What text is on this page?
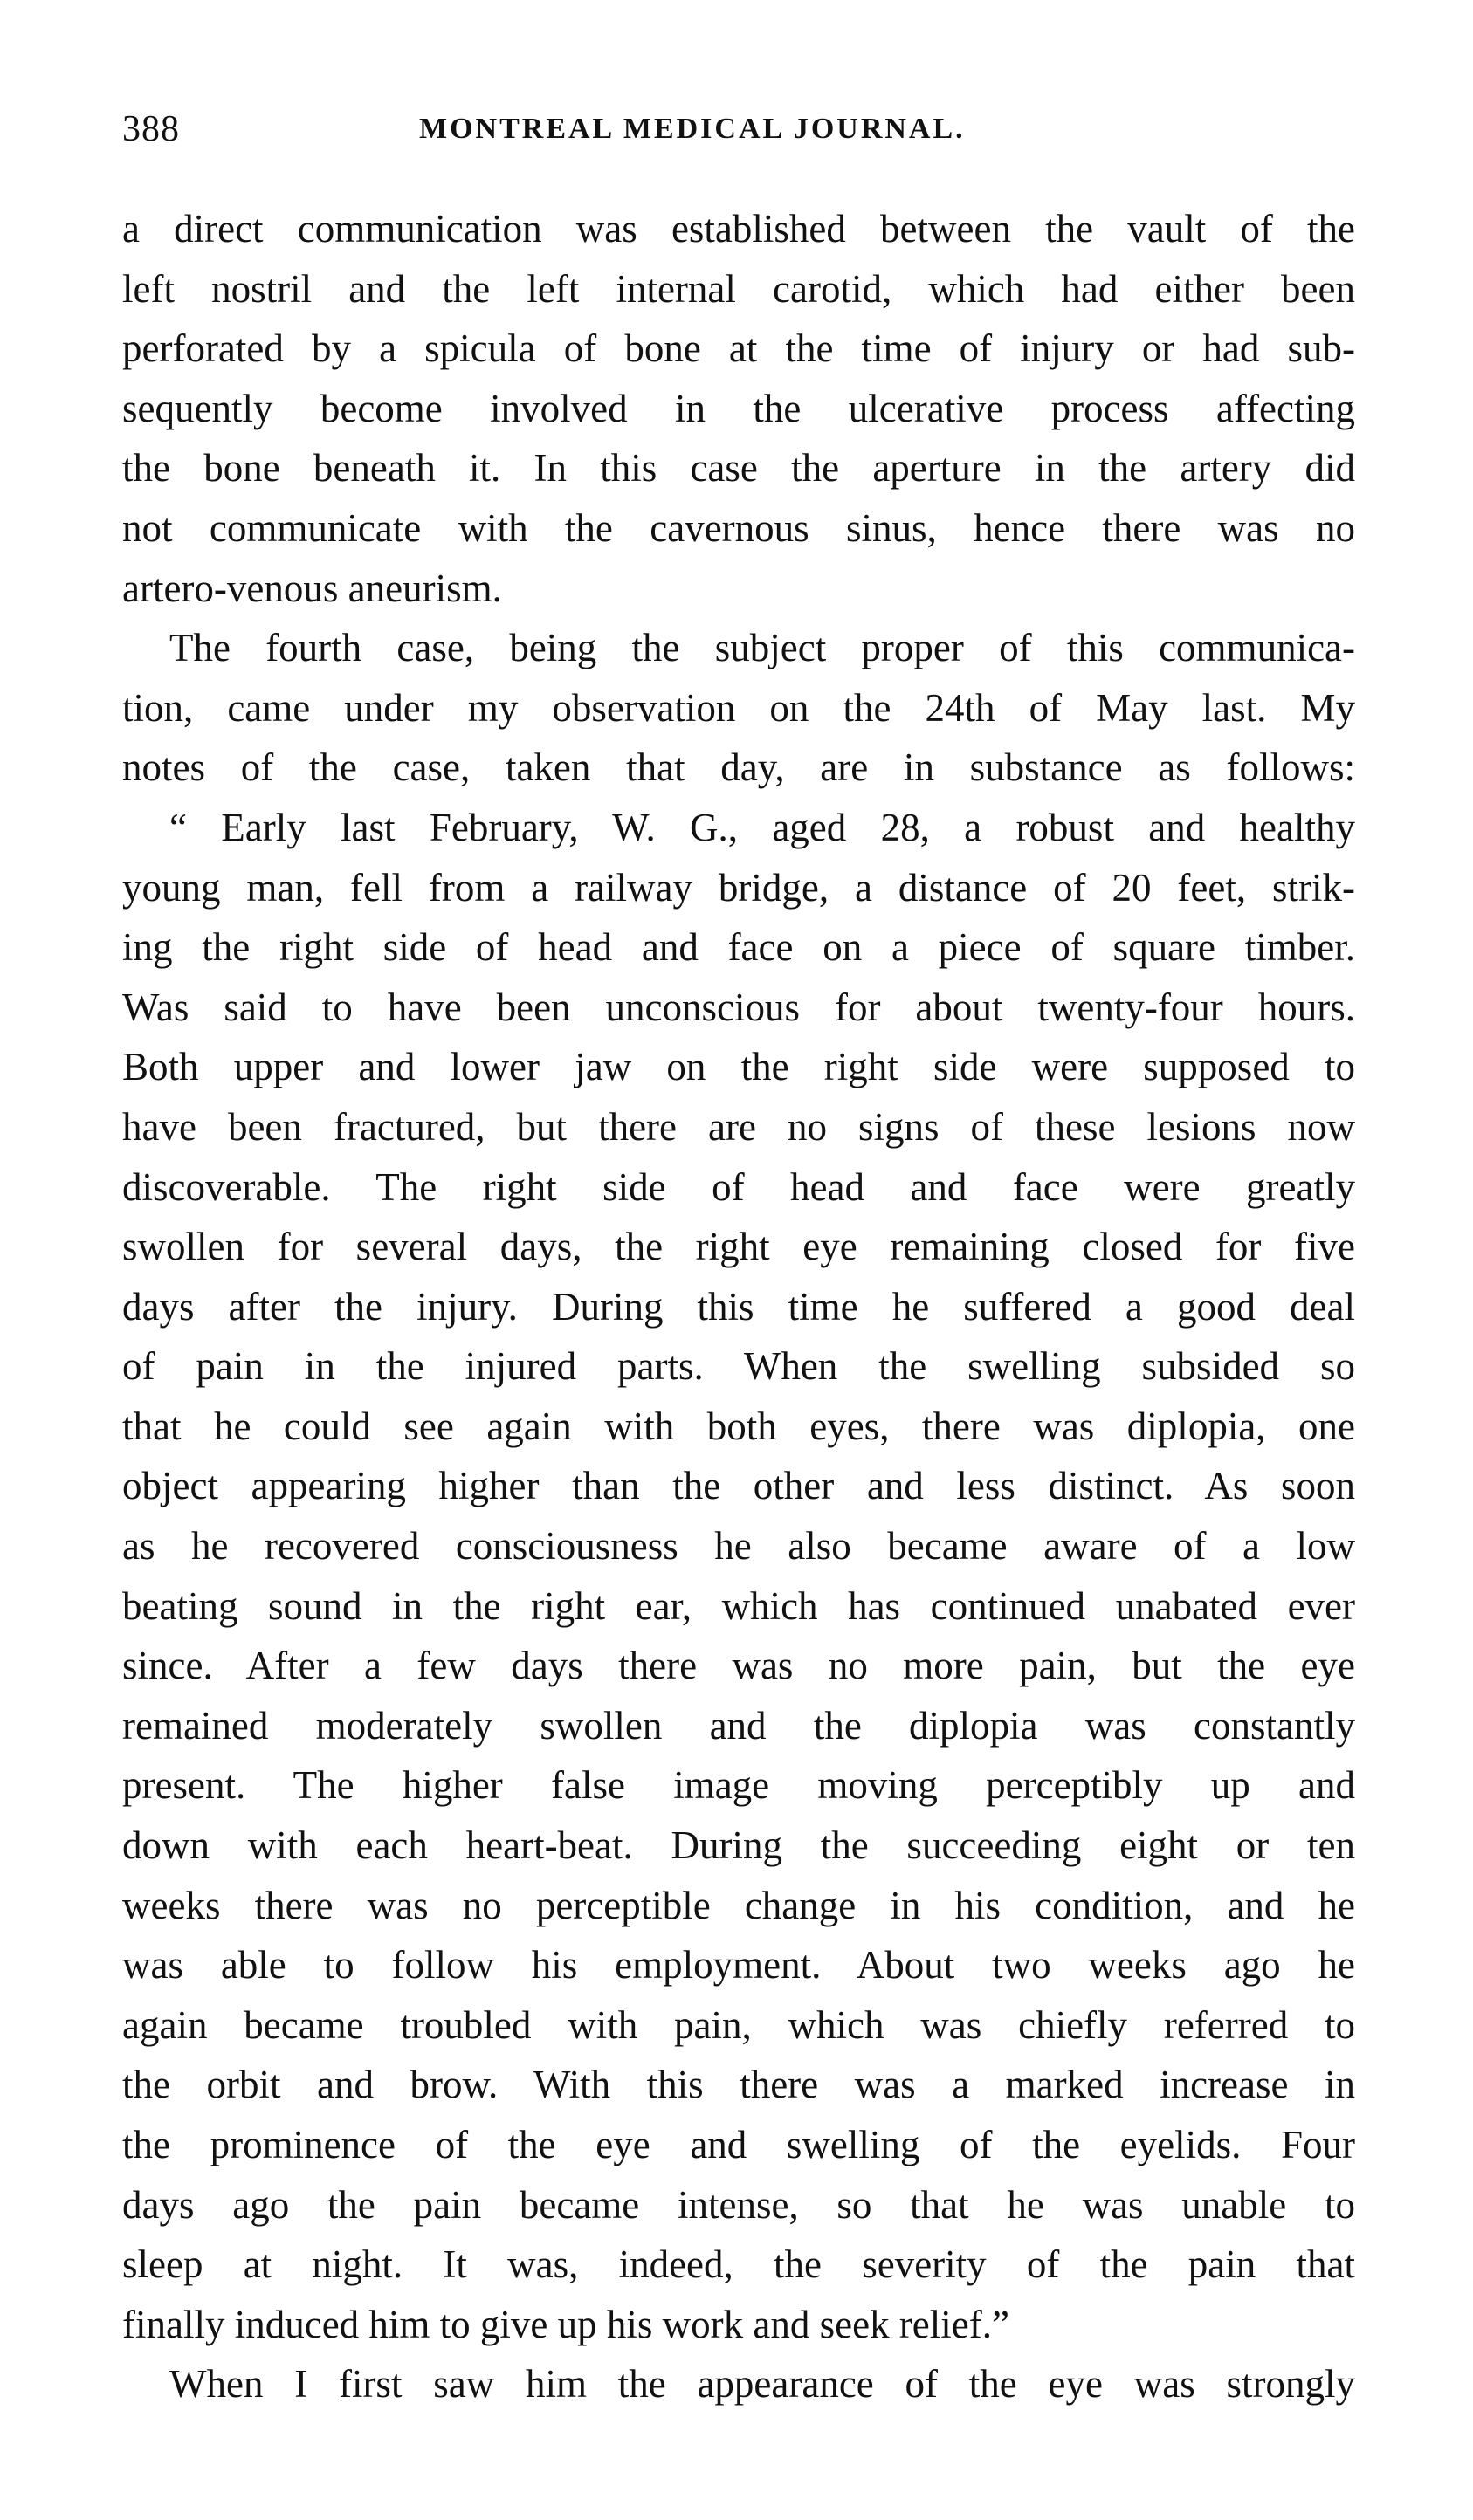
388	MONTREAL MEDICAL JOURNAL.
a direct communication was established between the vault of the
left nostril and the left internal carotid, which had either been
perforated by a spicula of bone at the time of injury or had sub-
sequently become involved in the ulcerative process affecting
the bone beneath it. In this case the aperture in the artery did
not communicate with the cavernous sinus, hence there was no
artero-venous aneurism.
The fourth case, being the subject proper of this communica-
tion, came under my observation on the 24th of May last. My
notes of the case, taken that day, are in substance as follows:
“ Early last February, W. G., aged 28, a robust and healthy
young man, fell from a railway bridge, a distance of 20 feet, strik-
ing the right side of head and face on a piece of square timber.
Was said to have been unconscious for about twenty-four hours.
Both upper and lower jaw on the right side were supposed to
have been fractured, but there are no signs of these lesions now
discoverable. The right side of head and face were greatly
swollen for several days, the right eye remaining closed for five
days after the injury. During this time he suffered a good deal
of pain in the injured parts. When the swelling subsided so
that he could see again with both eyes, there was diplopia, one
object appearing higher than the other and less distinct. As soon
as he recovered consciousness he also became aware of a low
beating sound in the right ear, which has continued unabated ever
since. After a few days there was no more pain, but the eye
remained moderately swollen and the diplopia was constantly
present. The higher false image moving perceptibly up and
down with each heart-beat. During the succeeding eight or ten
weeks there was no perceptible change in his condition, and he
was able to follow his employment. About two weeks ago he
again became troubled with pain, which was chiefly referred to
the orbit and brow. With this there was a marked increase in
the prominence of the eye and swelling of the eyelids. Four
days ago the pain became intense, so that he was unable to
sleep at night. It was, indeed, the severity of the pain that
finally induced him to give up his work and seek relief.”
When I first saw him the appearance of the eye was strongly
